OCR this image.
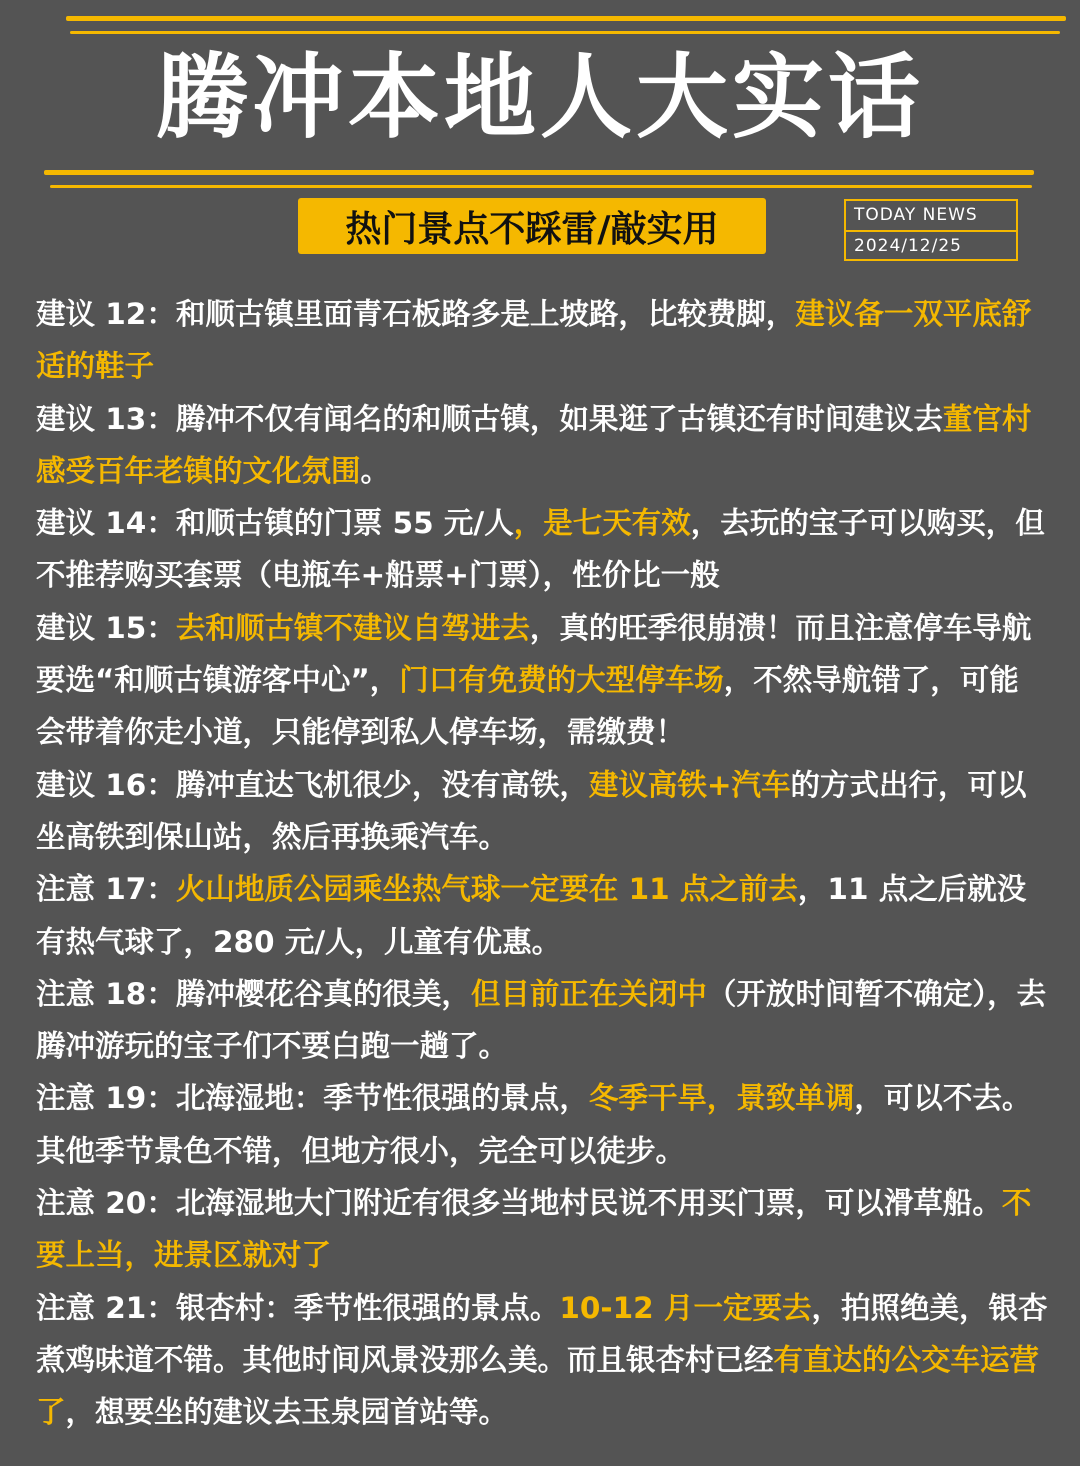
腾冲本地人大实话
热门景点不踩雷/敲实用	TODAY NEWS
2024/12/25

建议 12：和顺古镇里面青石板路多是上坡路，比较费脚，建议备一双平底舒适的鞋子

建议 13：腾冲不仅有闻名的和顺古镇，如果逛了古镇还有时间建议去董官村感受百年老镇的文化氛围。

建议 14：和顺古镇的门票 55 元/人，是七天有效，去玩的宝子可以购买，但不推荐购买套票（电瓶车+船票+门票），性价比一般

建议 15：去和顺古镇不建议自驾进去，真的旺季很崩溃！而且注意停车导航要选“和顺古镇游客中心”，门口有免费的大型停车场，不然导航错了，可能会带着你走小道，只能停到私人停车场，需缴费！

建议 16：腾冲直达飞机很少，没有高铁，建议高铁+汽车的方式出行，可以坐高铁到保山站，然后再换乘汽车。

注意 17：火山地质公园乘坐热气球一定要在 11 点之前去，11 点之后就没有热气球了，280 元/人，儿童有优惠。

注意 18：腾冲樱花谷真的很美，但目前正在关闭中（开放时间暂不确定），去腾冲游玩的宝子们不要白跑一趟了。

注意 19：北海湿地：季节性很强的景点，冬季干旱，景致单调，可以不去。其他季节景色不错，但地方很小，完全可以徒步。

注意 20：北海湿地大门附近有很多当地村民说不用买门票，可以滑草船。不要上当，进景区就对了

注意 21：银杏村：季节性很强的景点。10-12 月一定要去，拍照绝美，银杏煮鸡味道不错。其他时间风景没那么美。而且银杏村已经有直达的公交车运营了，想要坐的建议去玉泉园首站等。
